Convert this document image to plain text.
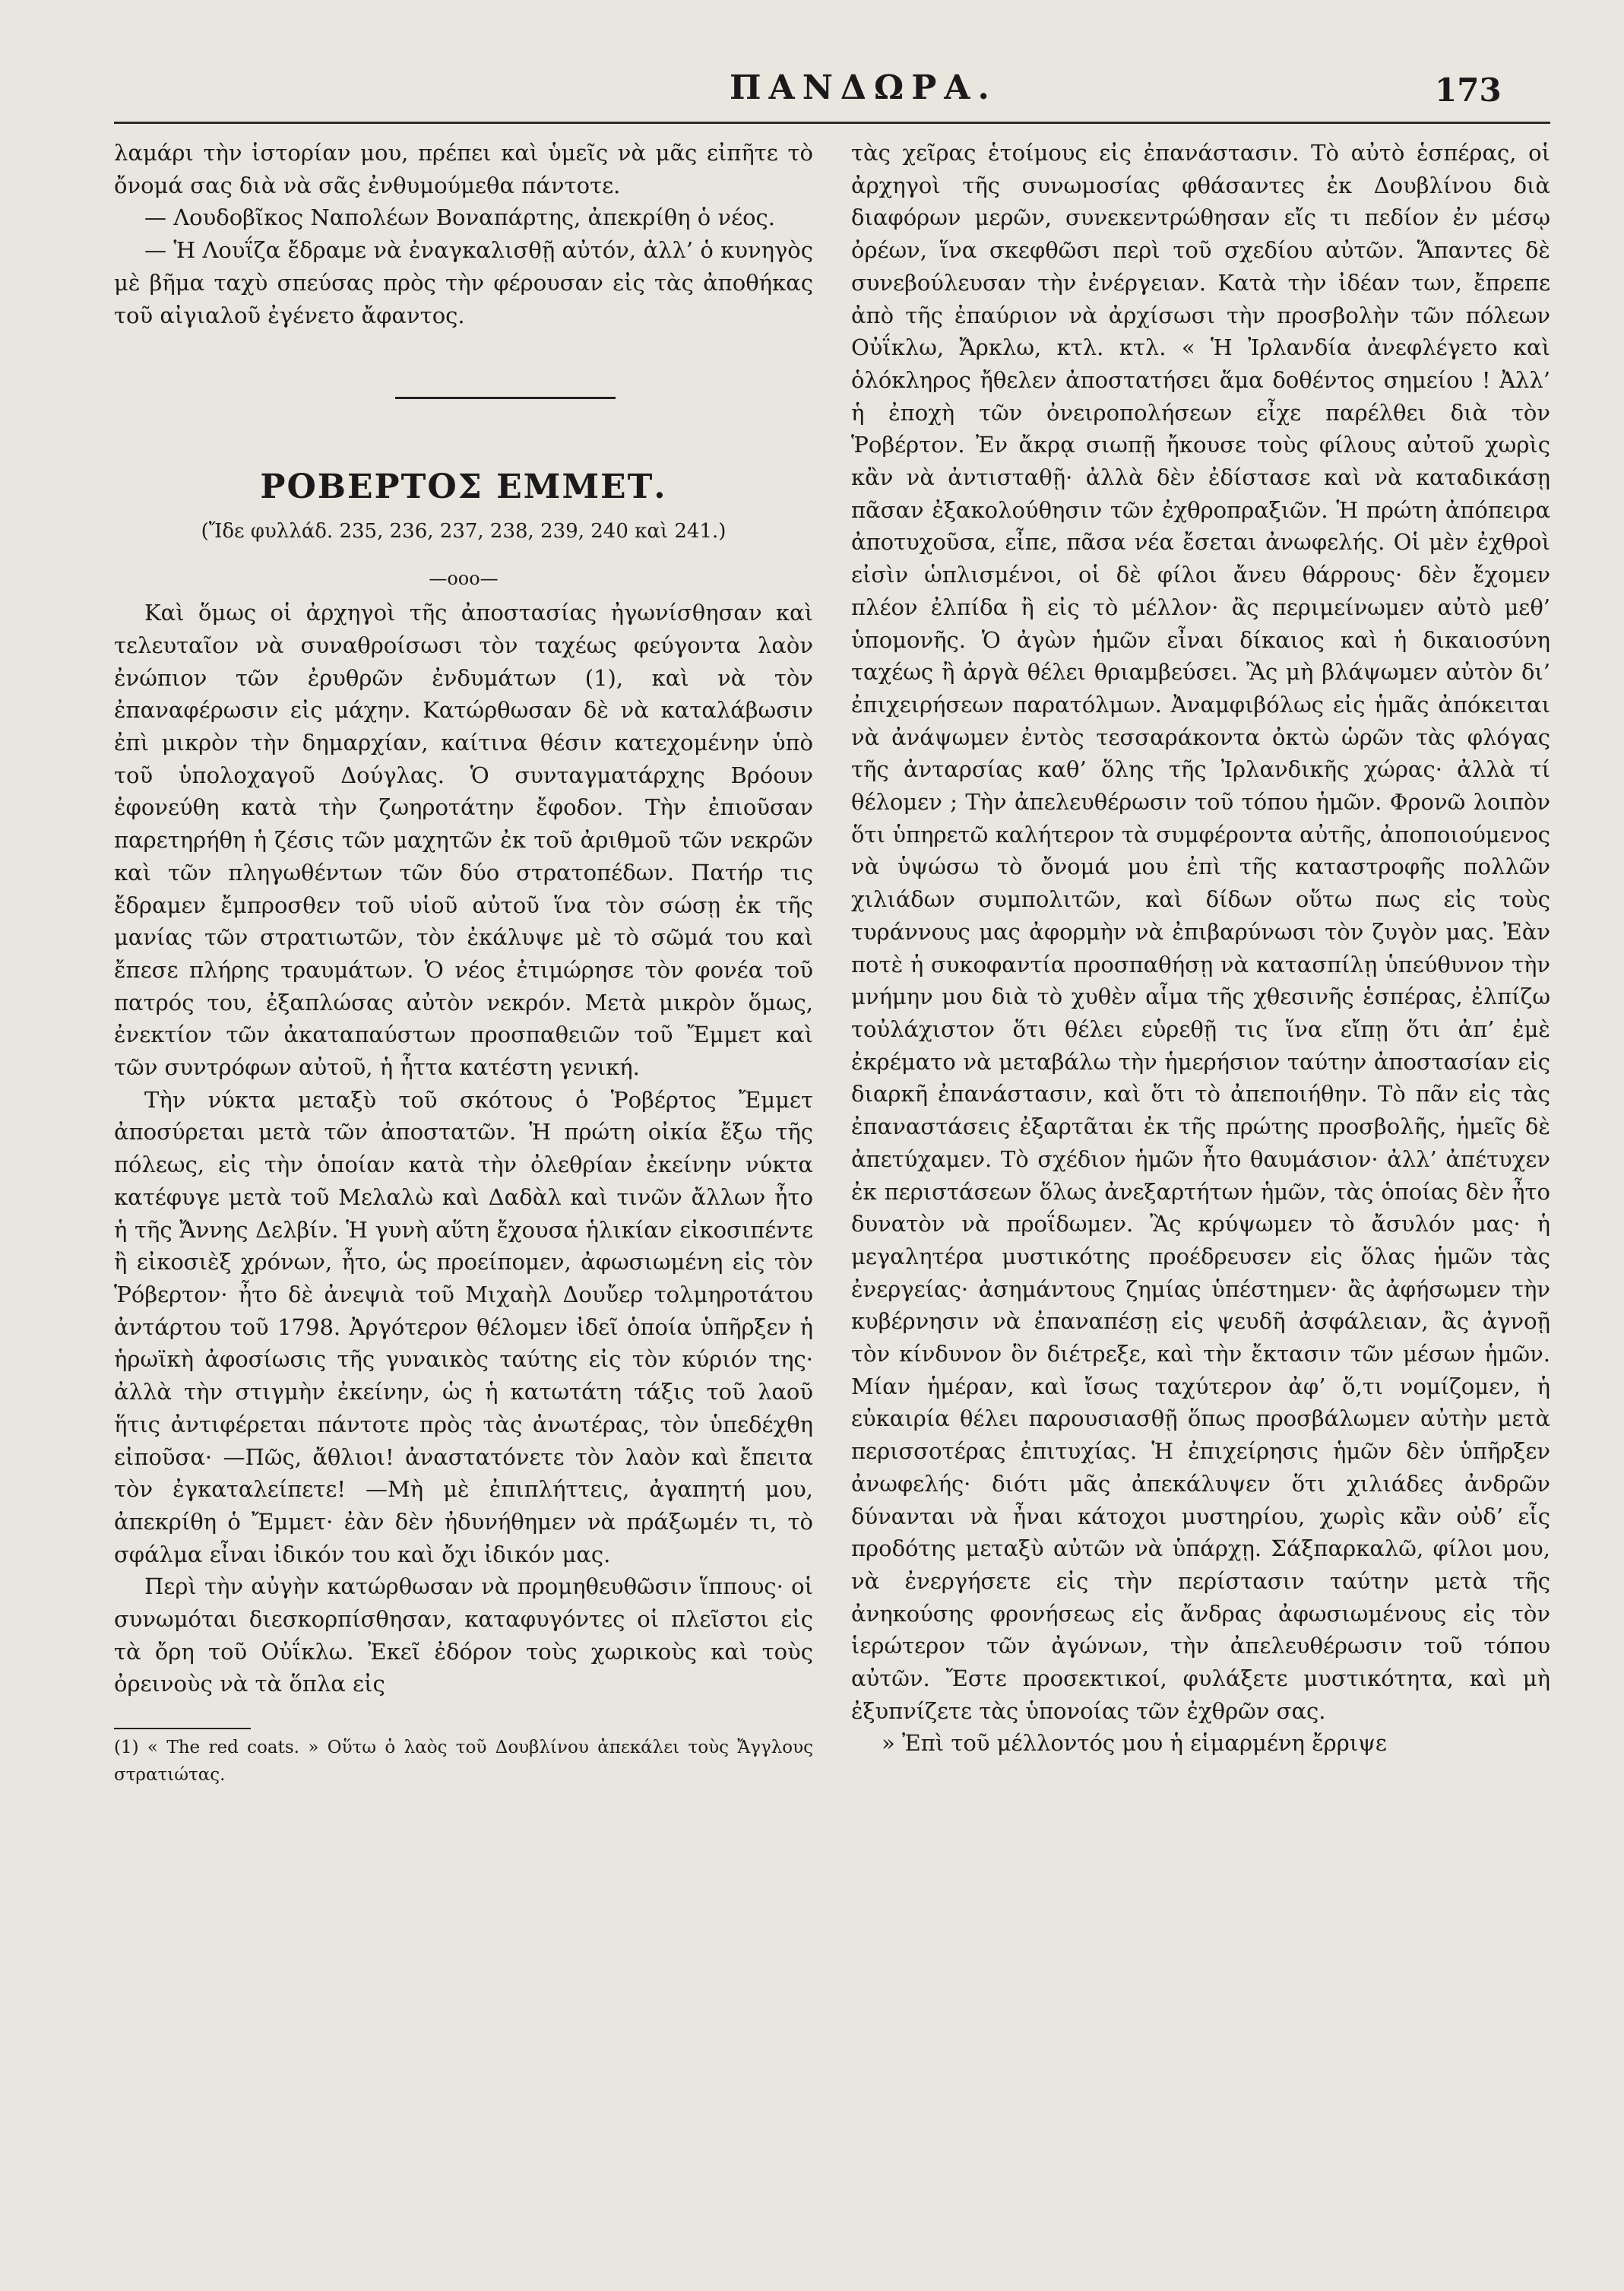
ΠΑΝΔΩΡΑ.	173

λαμάρι τὴν ἱστορίαν μου, πρέπει καὶ ὑμεῖς νὰ μᾶς εἰπῆτε τὸ ὄνομά σας διὰ νὰ σᾶς ἐνθυμούμεθα πάντοτε.

— Λουδοβῖκος Ναπολέων Βοναπάρτης, ἀπεκρίθη ὁ νέος.

— Ἡ Λουΐζα ἔδραμε νὰ ἐναγκαλισθῇ αὐτόν, ἀλλ’ ὁ κυνηγὸς μὲ βῆμα ταχὺ σπεύσας πρὸς τὴν φέρουσαν εἰς τὰς ἀποθήκας τοῦ αἰγιαλοῦ ἐγένετο ἄφαντος.

ΡΟΒΕΡΤΟΣ ΕΜΜΕΤ.
(Ἴδε φυλλάδ. 235, 236, 237, 238, 239, 240 καὶ 241.)
—οοο—

Καὶ ὅμως οἱ ἀρχηγοὶ τῆς ἀποστασίας ἠγωνίσθησαν καὶ τελευταῖον νὰ συναθροίσωσι τὸν ταχέως φεύγοντα λαὸν ἐνώπιον τῶν ἐρυθρῶν ἐνδυμάτων (1), καὶ νὰ τὸν ἐπαναφέρωσιν εἰς μάχην. Κατώρθωσαν δὲ νὰ καταλάβωσιν ἐπὶ μικρὸν τὴν δημαρχίαν, καίτινα θέσιν κατεχομένην ὑπὸ τοῦ ὑπολοχαγοῦ Δούγλας. Ὁ συνταγματάρχης Βρόουν ἐφονεύθη κατὰ τὴν ζωηροτάτην ἔφοδον. Τὴν ἐπιοῦσαν παρετηρήθη ἡ ζέσις τῶν μαχητῶν ἐκ τοῦ ἀριθμοῦ τῶν νεκρῶν καὶ τῶν πληγωθέντων τῶν δύο στρατοπέδων. Πατήρ τις ἔδραμεν ἔμπροσθεν τοῦ υἱοῦ αὐτοῦ ἵνα τὸν σώσῃ ἐκ τῆς μανίας τῶν στρατιωτῶν, τὸν ἐκάλυψε μὲ τὸ σῶμά του καὶ ἔπεσε πλήρης τραυμάτων. Ὁ νέος ἐτιμώρησε τὸν φονέα τοῦ πατρός του, ἐξαπλώσας αὐτὸν νεκρόν. Μετὰ μικρὸν ὅμως, ἐνεκτίον τῶν ἀκαταπαύστων προσπαθειῶν τοῦ Ἔμμετ καὶ τῶν συντρόφων αὐτοῦ, ἡ ἧττα κατέστη γενική.

Τὴν νύκτα μεταξὺ τοῦ σκότους ὁ Ῥοβέρτος Ἔμμετ ἀποσύρεται μετὰ τῶν ἀποστατῶν. Ἡ πρώτη οἰκία ἔξω τῆς πόλεως, εἰς τὴν ὁποίαν κατὰ τὴν ὀλεθρίαν ἐκείνην νύκτα κατέφυγε μετὰ τοῦ Μελαλὼ καὶ Δαδὰλ καὶ τινῶν ἄλλων ἦτο ἡ τῆς Ἄννης Δελβίν. Ἡ γυνὴ αὕτη ἔχουσα ἡλικίαν εἰκοσιπέντε ἢ εἰκοσιὲξ χρόνων, ἦτο, ὡς προείπομεν, ἀφωσιωμένη εἰς τὸν Ῥόβερτον· ἦτο δὲ ἀνεψιὰ τοῦ Μιχαὴλ Δουὔερ τολμηροτάτου ἀντάρτου τοῦ 1798. Ἀργότερον θέλομεν ἰδεῖ ὁποία ὑπῆρξεν ἡ ἡρωϊκὴ ἀφοσίωσις τῆς γυναικὸς ταύτης εἰς τὸν κύριόν της· ἀλλὰ τὴν στιγμὴν ἐκείνην, ὡς ἡ κατωτάτη τάξις τοῦ λαοῦ ἥτις ἀντιφέρεται πάντοτε πρὸς τὰς ἀνωτέρας, τὸν ὑπεδέχθη εἰποῦσα· —Πῶς, ἄθλιοι! ἀναστατόνετε τὸν λαὸν καὶ ἔπειτα τὸν ἐγκαταλείπετε! —Μὴ μὲ ἐπιπλήττεις, ἀγαπητή μου, ἀπεκρίθη ὁ Ἔμμετ· ἐὰν δὲν ἠδυνήθημεν νὰ πράξωμέν τι, τὸ σφάλμα εἶναι ἰδικόν του καὶ ὄχι ἰδικόν μας.

Περὶ τὴν αὐγὴν κατώρθωσαν νὰ προμηθευθῶσιν ἵππους· οἱ συνωμόται διεσκορπίσθησαν, καταφυγόντες οἱ πλεῖστοι εἰς τὰ ὄρη τοῦ Οὐΐκλω. Ἐκεῖ ἐδόρον τοὺς χωρικοὺς καὶ τοὺς ὀρεινοὺς νὰ τὰ ὅπλα εἰς

(1) « The red coats. » Οὕτω ὁ λαὸς τοῦ Δουβλίνου ἀπεκάλει τοὺς Ἄγγλους στρατιώτας.

τὰς χεῖρας ἑτοίμους εἰς ἐπανάστασιν. Τὸ αὐτὸ ἑσπέρας, οἱ ἀρχηγοὶ τῆς συνωμοσίας φθάσαντες ἐκ Δουβλίνου διὰ διαφόρων μερῶν, συνεκεντρώθησαν εἴς τι πεδίον ἐν μέσῳ ὀρέων, ἵνα σκεφθῶσι περὶ τοῦ σχεδίου αὐτῶν. Ἅπαντες δὲ συνεβούλευσαν τὴν ἐνέργειαν. Κατὰ τὴν ἰδέαν των, ἔπρεπε ἀπὸ τῆς ἐπαύριον νὰ ἀρχίσωσι τὴν προσβολὴν τῶν πόλεων Οὐΐκλω, Ἄρκλω, κτλ. κτλ. « Ἡ Ἰρλανδία ἀνεφλέγετο καὶ ὁλόκληρος ἤθελεν ἀποστατήσει ἅμα δοθέντος σημείου ! Ἀλλ’ ἡ ἐποχὴ τῶν ὀνειροπολήσεων εἶχε παρέλθει διὰ τὸν Ῥοβέρτον. Ἐν ἄκρᾳ σιωπῇ ἤκουσε τοὺς φίλους αὐτοῦ χωρὶς κἂν νὰ ἀντισταθῇ· ἀλλὰ δὲν ἐδίστασε καὶ νὰ καταδικάσῃ πᾶσαν ἐξακολούθησιν τῶν ἐχθροπραξιῶν. Ἡ πρώτη ἀπόπειρα ἀποτυχοῦσα, εἶπε, πᾶσα νέα ἔσεται ἀνωφελής. Οἱ μὲν ἐχθροὶ εἰσὶν ὡπλισμένοι, οἱ δὲ φίλοι ἄνευ θάρρους· δὲν ἔχομεν πλέον ἐλπίδα ἢ εἰς τὸ μέλλον· ἂς περιμείνωμεν αὐτὸ μεθ’ ὑπομονῆς. Ὁ ἀγὼν ἡμῶν εἶναι δίκαιος καὶ ἡ δικαιοσύνη ταχέως ἢ ἀργὰ θέλει θριαμβεύσει. Ἂς μὴ βλάψωμεν αὐτὸν δι’ ἐπιχειρήσεων παρατόλμων. Ἀναμφιβόλως εἰς ἡμᾶς ἀπόκειται νὰ ἀνάψωμεν ἐντὸς τεσσαράκοντα ὀκτὼ ὡρῶν τὰς φλόγας τῆς ἀνταρσίας καθ’ ὅλης τῆς Ἰρλανδικῆς χώρας· ἀλλὰ τί θέλομεν ; Τὴν ἀπελευθέρωσιν τοῦ τόπου ἡμῶν. Φρονῶ λοιπὸν ὅτι ὑπηρετῶ καλήτερον τὰ συμφέροντα αὐτῆς, ἀποποιούμενος νὰ ὑψώσω τὸ ὄνομά μου ἐπὶ τῆς καταστροφῆς πολλῶν χιλιάδων συμπολιτῶν, καὶ δίδων οὕτω πως εἰς τοὺς τυράννους μας ἀφορμὴν νὰ ἐπιβαρύνωσι τὸν ζυγὸν μας. Ἐὰν ποτὲ ἡ συκοφαντία προσπαθήσῃ νὰ κατασπίλῃ ὑπεύθυνον τὴν μνήμην μου διὰ τὸ χυθὲν αἷμα τῆς χθεσινῆς ἑσπέρας, ἐλπίζω τοὐλάχιστον ὅτι θέλει εὑρεθῇ τις ἵνα εἴπῃ ὅτι ἀπ’ ἐμὲ ἐκρέματο νὰ μεταβάλω τὴν ἡμερήσιον ταύτην ἀποστασίαν εἰς διαρκῆ ἐπανάστασιν, καὶ ὅτι τὸ ἀπεποιήθην. Τὸ πᾶν εἰς τὰς ἐπαναστάσεις ἐξαρτᾶται ἐκ τῆς πρώτης προσβολῆς, ἡμεῖς δὲ ἀπετύχαμεν. Τὸ σχέδιον ἡμῶν ἦτο θαυμάσιον· ἀλλ’ ἀπέτυχεν ἐκ περιστάσεων ὅλως ἀνεξαρτήτων ἡμῶν, τὰς ὁποίας δὲν ἦτο δυνατὸν νὰ προΐδωμεν. Ἂς κρύψωμεν τὸ ἄσυλόν μας· ἡ μεγαλητέρα μυστικότης προέδρευσεν εἰς ὅλας ἡμῶν τὰς ἐνεργείας· ἀσημάντους ζημίας ὑπέστημεν· ἂς ἀφήσωμεν τὴν κυβέρνησιν νὰ ἐπαναπέσῃ εἰς ψευδῆ ἀσφάλειαν, ἂς ἀγνοῇ τὸν κίνδυνον ὃν διέτρεξε, καὶ τὴν ἔκτασιν τῶν μέσων ἡμῶν. Μίαν ἡμέραν, καὶ ἴσως ταχύτερον ἀφ’ ὅ,τι νομίζομεν, ἡ εὐκαιρία θέλει παρουσιασθῇ ὅπως προσβάλωμεν αὐτὴν μετὰ περισσοτέρας ἐπιτυχίας. Ἡ ἐπιχείρησις ἡμῶν δὲν ὑπῆρξεν ἀνωφελής· διότι μᾶς ἀπεκάλυψεν ὅτι χιλιάδες ἀνδρῶν δύνανται νὰ ἦναι κάτοχοι μυστηρίου, χωρὶς κἂν οὐδ’ εἷς προδότης μεταξὺ αὐτῶν νὰ ὑπάρχῃ. Σάξπαρκαλῶ, φίλοι μου, νὰ ἐνεργήσετε εἰς τὴν περίστασιν ταύτην μετὰ τῆς ἀνηκούσης φρονήσεως εἰς ἄνδρας ἀφωσιωμένους εἰς τὸν ἱερώτερον τῶν ἀγώνων, τὴν ἀπελευθέρωσιν τοῦ τόπου αὐτῶν. Ἔστε προσεκτικοί, φυλάξετε μυστικότητα, καὶ μὴ ἐξυπνίζετε τὰς ὑπονοίας τῶν ἐχθρῶν σας.

» Ἐπὶ τοῦ μέλλοντός μου ἡ εἱμαρμένη ἔρριψε
